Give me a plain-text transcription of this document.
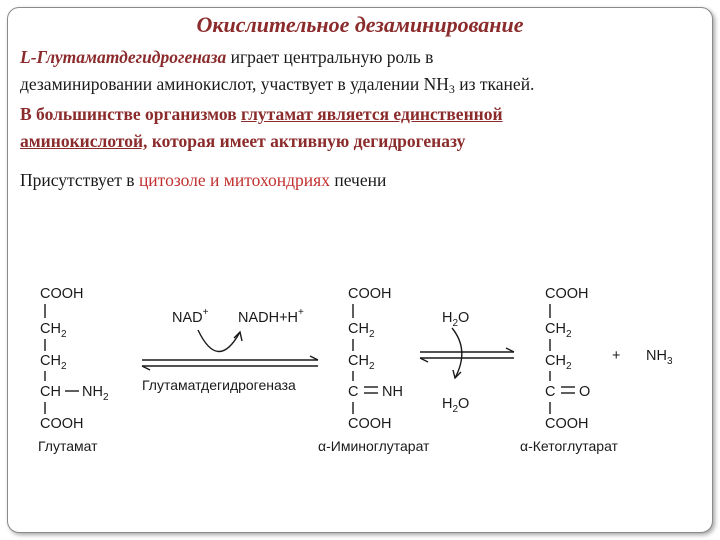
Окислительное дезаминирование
L-Глутаматдегидрогеназа играет центральную роль в
дезаминировании аминокислот, участвует в удалении $NH_3$ из тканей.
В большинстве организмов глутамат является единственной
аминокислотой, которая имеет активную дегидрогеназу
Присутствует в цитозоле и митохондриях печени
COOH
$CH_2$
$CH_2$
CH $NH_2$
COOH
Глутамат
NAD+ NADH+H+
Глутаматдегидрогеназа
COOH
$CH_2$
$CH_2$
C NH
COOH
α-Иминоглутарат
$H_2O$
$H_2O$
COOH
$CH_2$
$CH_2$
C O
COOH
α-Кетоглутарат
+ $NH_3$
